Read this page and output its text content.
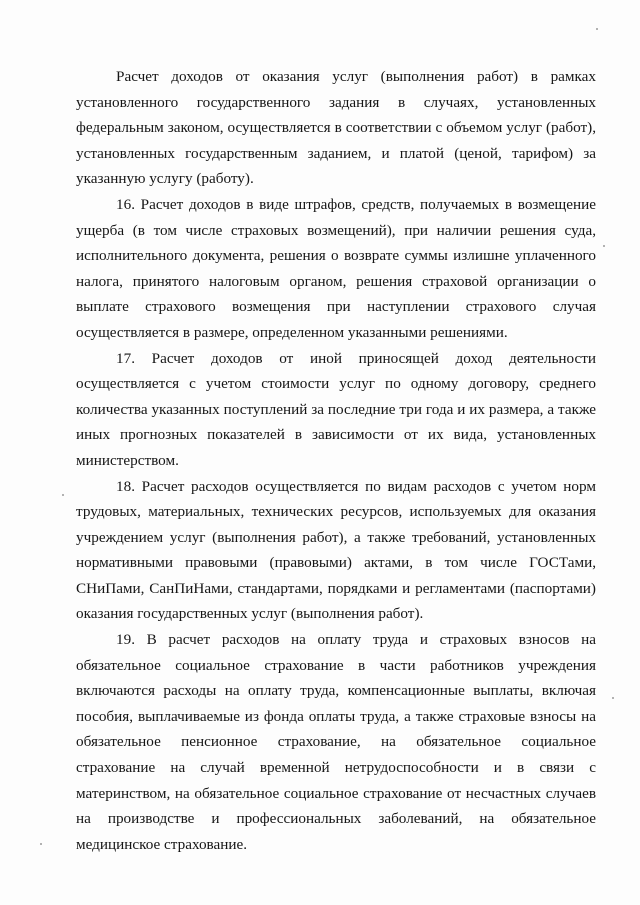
Расчет доходов от оказания услуг (выполнения работ) в рамках установленного государственного задания в случаях, установленных федеральным законом, осуществляется в соответствии с объемом услуг (работ), установленных государственным заданием, и платой (ценой, тарифом) за указанную услугу (работу).

16. Расчет доходов в виде штрафов, средств, получаемых в возмещение ущерба (в том числе страховых возмещений), при наличии решения суда, исполнительного документа, решения о возврате суммы излишне уплаченного налога, принятого налоговым органом, решения страховой организации о выплате страхового возмещения при наступлении страхового случая осуществляется в размере, определенном указанными решениями.

17. Расчет доходов от иной приносящей доход деятельности осуществляется с учетом стоимости услуг по одному договору, среднего количества указанных поступлений за последние три года и их размера, а также иных прогнозных показателей в зависимости от их вида, установленных министерством.

18. Расчет расходов осуществляется по видам расходов с учетом норм трудовых, материальных, технических ресурсов, используемых для оказания учреждением услуг (выполнения работ), а также требований, установленных нормативными правовыми (правовыми) актами, в том числе ГОСТами, СНиПами, СанПиНами, стандартами, порядками и регламентами (паспортами) оказания государственных услуг (выполнения работ).

19. В расчет расходов на оплату труда и страховых взносов на обязательное социальное страхование в части работников учреждения включаются расходы на оплату труда, компенсационные выплаты, включая пособия, выплачиваемые из фонда оплаты труда, а также страховые взносы на обязательное пенсионное страхование, на обязательное социальное страхование на случай временной нетрудоспособности и в связи с материнством, на обязательное социальное страхование от несчастных случаев на производстве и профессиональных заболеваний, на обязательное медицинское страхование.
